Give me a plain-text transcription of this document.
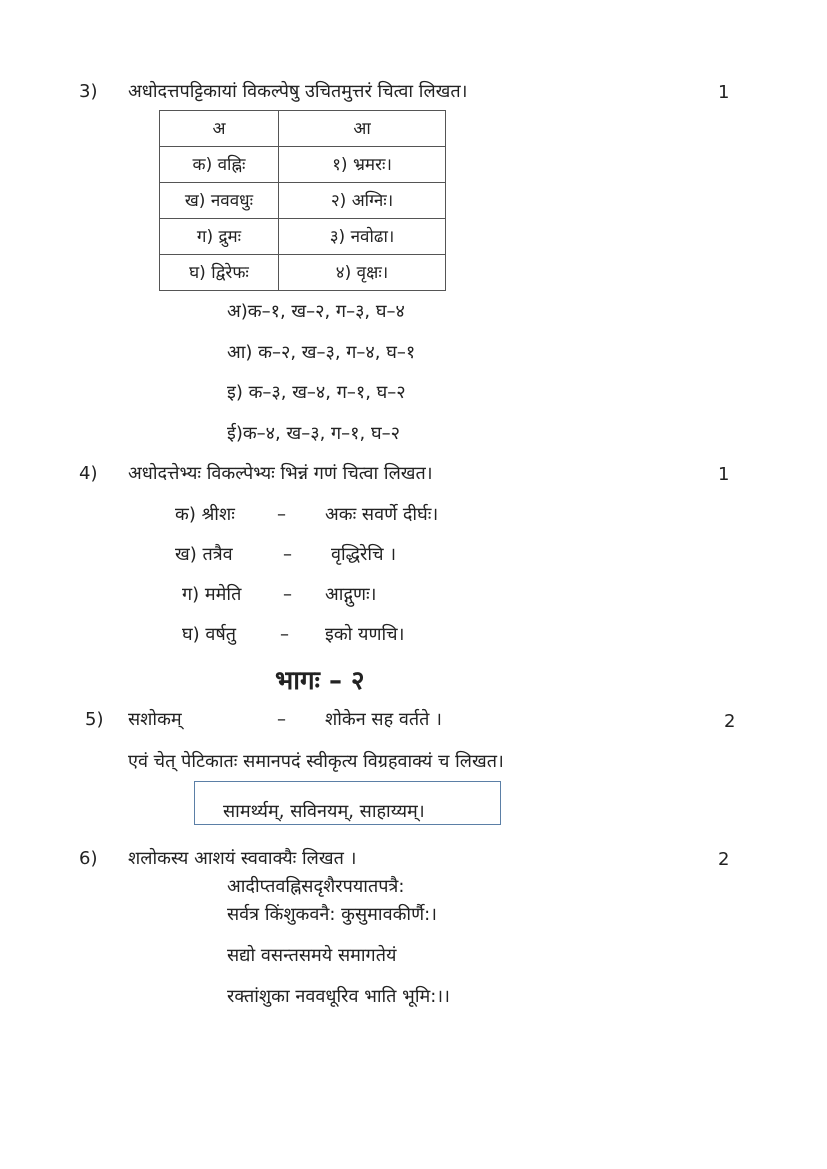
3) अधोदत्तपट्टिकायां विकल्पेषु उचितमुत्तरं चित्वा लिखत।	1
अ	आ
क) वह्निः	१) भ्रमरः।
ख) नववधुः	२) अग्निः।
ग) द्रुमः	३) नवोढा।
घ) द्विरेफः	४) वृक्षः।
अ)क–१, ख–२, ग–३, घ–४
आ) क–२, ख–३, ग–४, घ–१
इ) क–३, ख–४, ग–१, घ–२
ई)क–४, ख–३, ग–१, घ–२
4) अधोदत्तेभ्यः विकल्पेभ्यः भिन्नं गणं चित्वा लिखत।	1
क) श्रीशः – अकः सवर्णे दीर्घः।
ख) तत्रैव	– वृद्धिरेचि ।
ग) ममेति – आद्गुणः।
घ) वर्षतु – इको यणचि।
भागः – २
5) सशोकम्	– शोकेन सह वर्तते ।	2
एवं चेत् पेटिकातः समानपदं स्वीकृत्य विग्रहवाक्यं च लिखत।
सामर्थ्यम्, सविनयम्, साहाय्यम्।
6) शलोकस्य आशयं स्ववाक्यैः लिखत ।	2
आदीप्तवह्निसदृशैरपयातपत्रै:
सर्वत्र किंशुकवनै: कुसुमावकीर्णै:।
सद्यो वसन्तसमये समागतेयं
रक्तांशुका नववधूरिव भाति भूमि:।।
